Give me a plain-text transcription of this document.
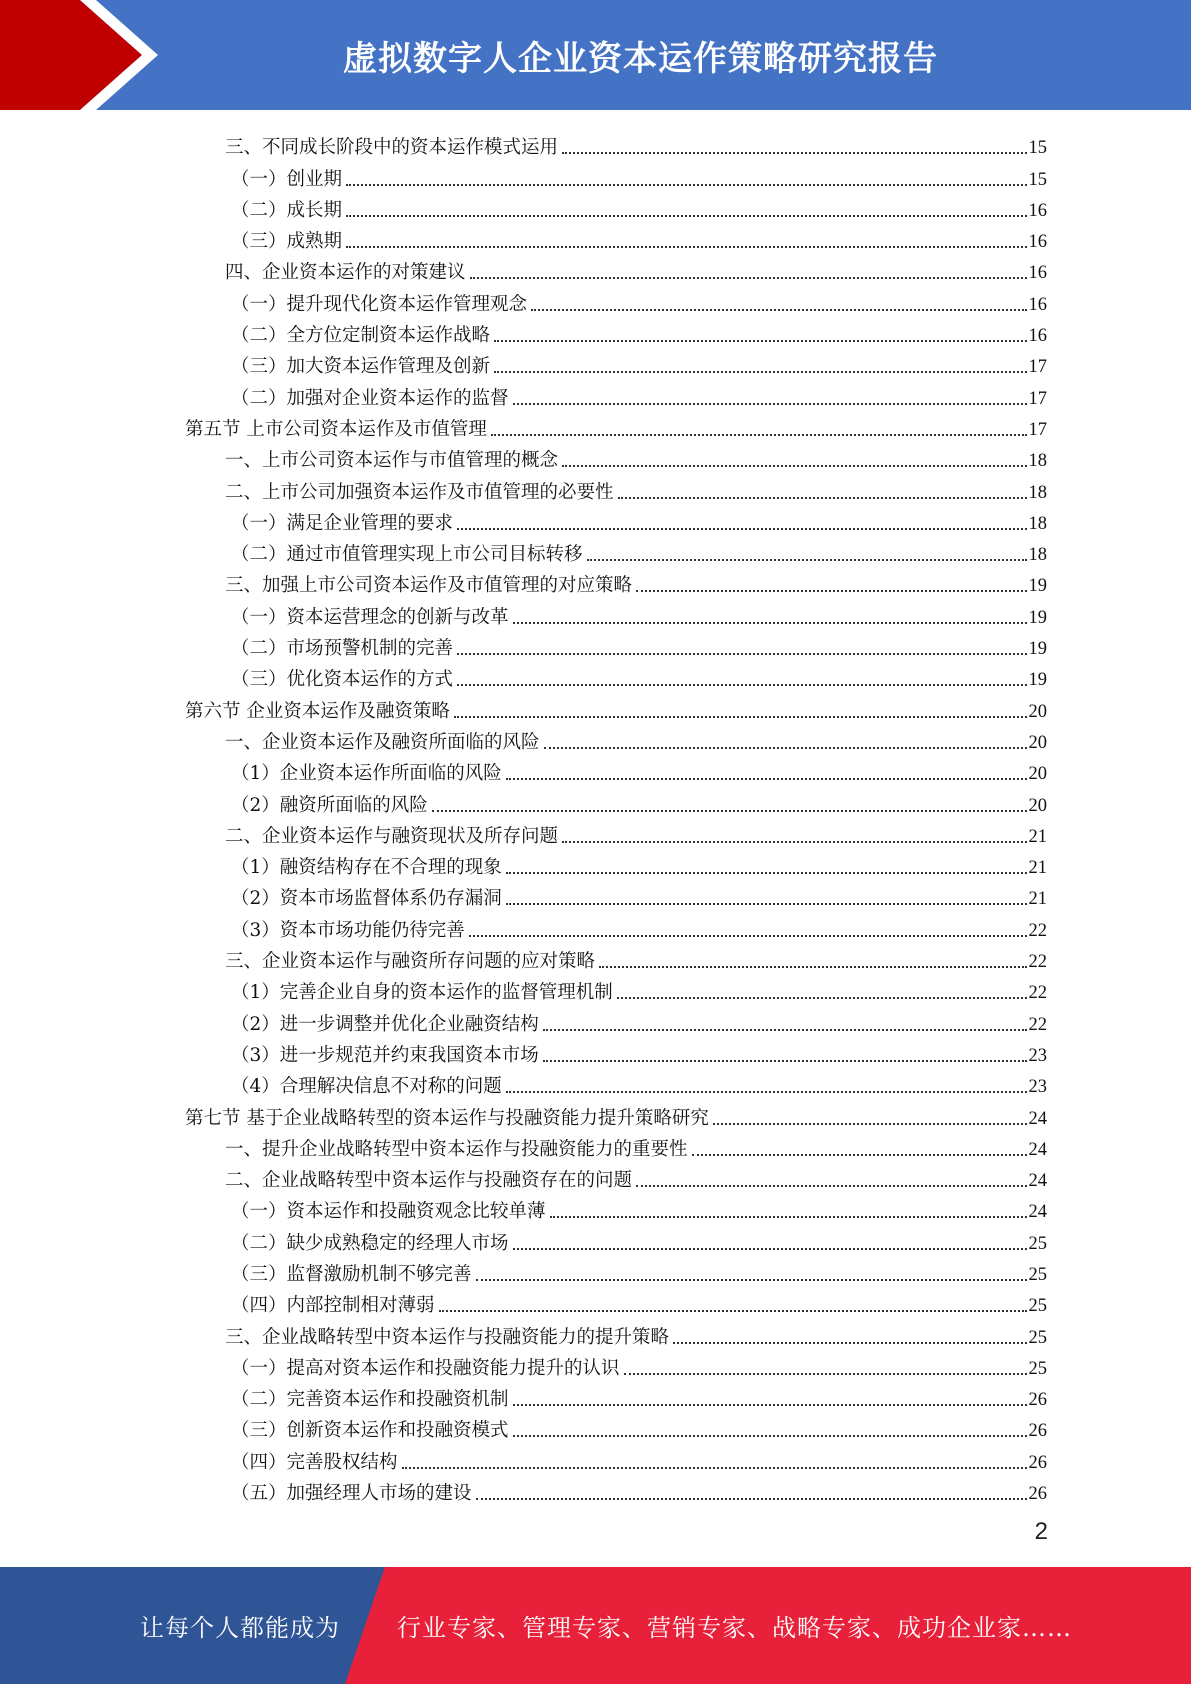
虚拟数字人企业资本运作策略研究报告
三、不同成长阶段中的资本运作模式运用	15
（一）创业期	15
（二）成长期	16
（三）成熟期	16
四、企业资本运作的对策建议	16
（一）提升现代化资本运作管理观念	16
（二）全方位定制资本运作战略	16
（三）加大资本运作管理及创新	17
（二）加强对企业资本运作的监督	17
第五节 上市公司资本运作及市值管理	17
一、上市公司资本运作与市值管理的概念	18
二、上市公司加强资本运作及市值管理的必要性	18
（一）满足企业管理的要求	18
（二）通过市值管理实现上市公司目标转移	18
三、加强上市公司资本运作及市值管理的对应策略	19
（一）资本运营理念的创新与改革	19
（二）市场预警机制的完善	19
（三）优化资本运作的方式	19
第六节 企业资本运作及融资策略	20
一、企业资本运作及融资所面临的风险	20
（1）企业资本运作所面临的风险	20
（2）融资所面临的风险	20
二、企业资本运作与融资现状及所存问题	21
（1）融资结构存在不合理的现象	21
（2）资本市场监督体系仍存漏洞	21
（3）资本市场功能仍待完善	22
三、企业资本运作与融资所存问题的应对策略	22
（1）完善企业自身的资本运作的监督管理机制	22
（2）进一步调整并优化企业融资结构	22
（3）进一步规范并约束我国资本市场	23
（4）合理解决信息不对称的问题	23
第七节 基于企业战略转型的资本运作与投融资能力提升策略研究	24
一、提升企业战略转型中资本运作与投融资能力的重要性	24
二、企业战略转型中资本运作与投融资存在的问题	24
（一）资本运作和投融资观念比较单薄	24
（二）缺少成熟稳定的经理人市场	25
（三）监督激励机制不够完善	25
（四）内部控制相对薄弱	25
三、企业战略转型中资本运作与投融资能力的提升策略	25
（一）提高对资本运作和投融资能力提升的认识	25
（二）完善资本运作和投融资机制	26
（三）创新资本运作和投融资模式	26
（四）完善股权结构	26
（五）加强经理人市场的建设	26
2
让每个人都能成为 行业专家、管理专家、营销专家、战略专家、成功企业家……
